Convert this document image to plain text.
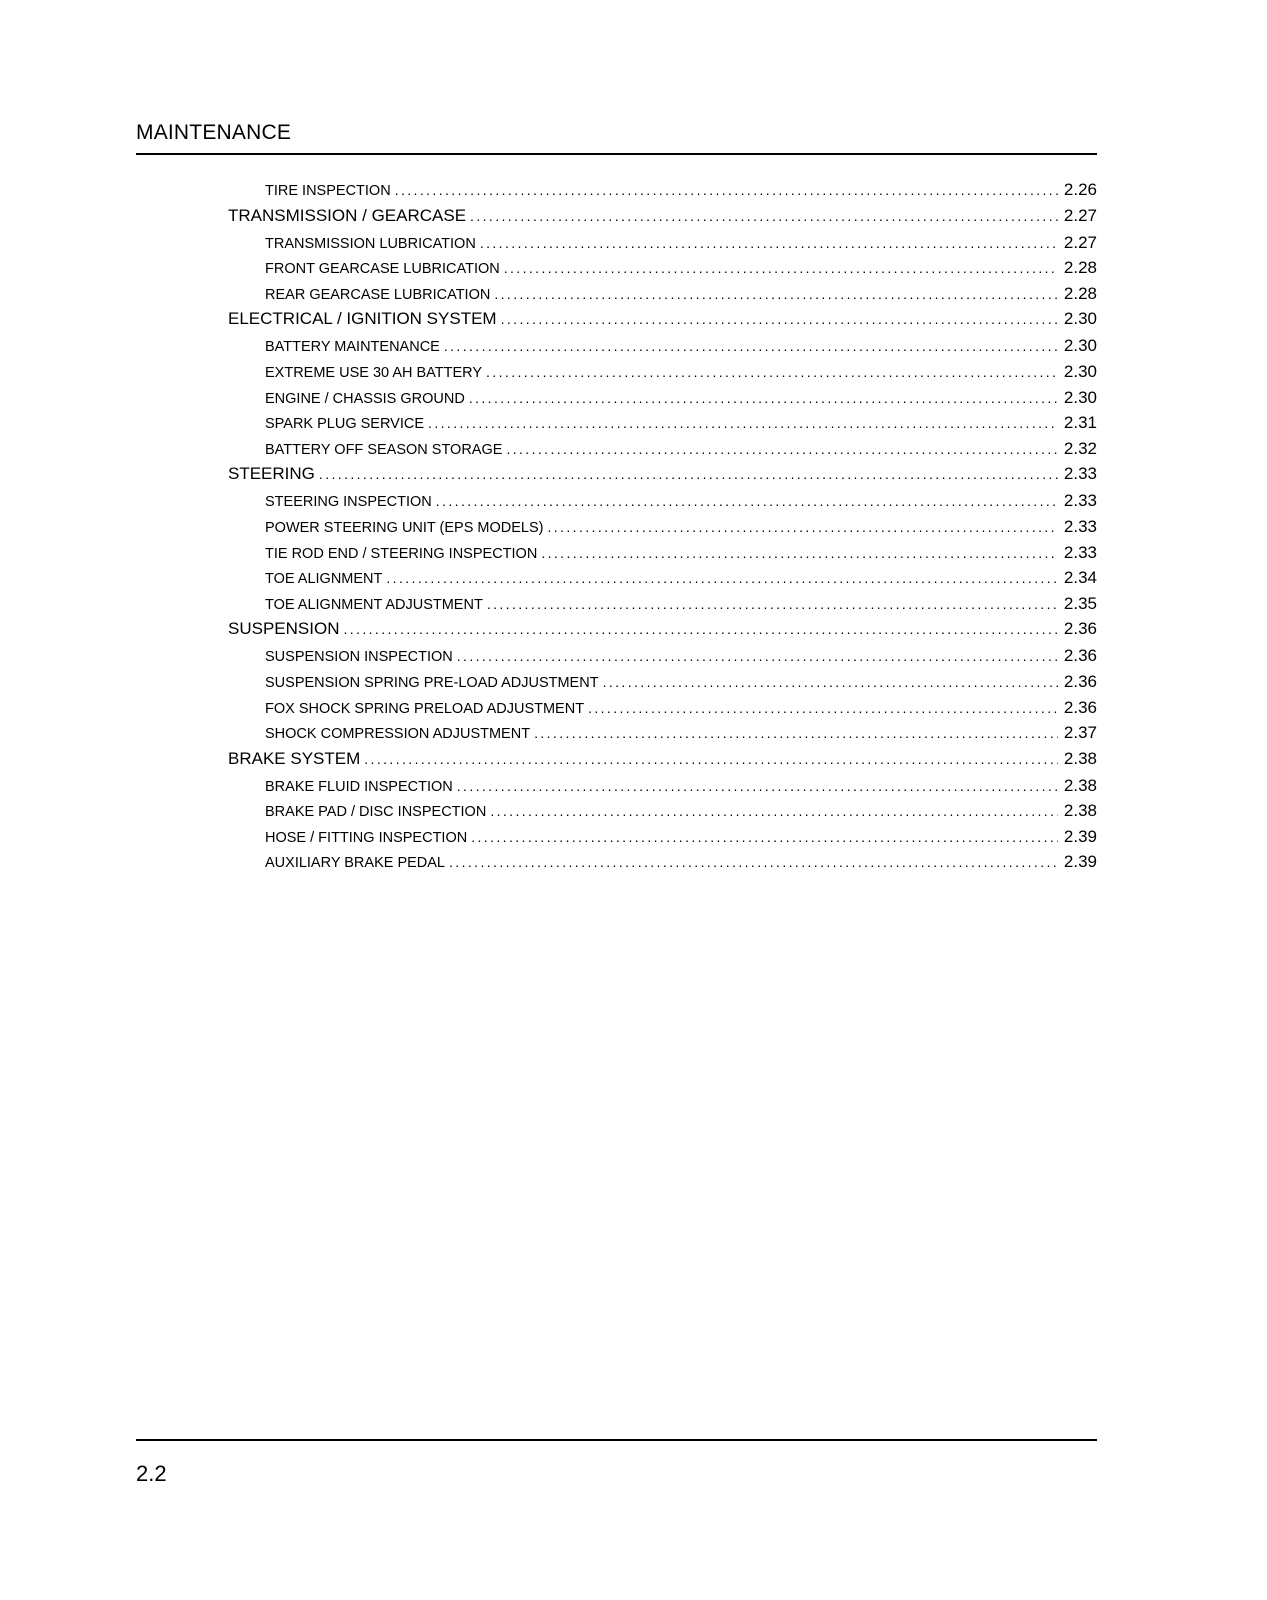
MAINTENANCE
TIRE INSPECTION .....	2.26
TRANSMISSION / GEARCASE .....	2.27
TRANSMISSION LUBRICATION .....	2.27
FRONT GEARCASE LUBRICATION .....	2.28
REAR GEARCASE LUBRICATION .....	2.28
ELECTRICAL / IGNITION SYSTEM .....	2.30
BATTERY MAINTENANCE .....	2.30
EXTREME USE 30 AH BATTERY .....	2.30
ENGINE / CHASSIS GROUND .....	2.30
SPARK PLUG SERVICE .....	2.31
BATTERY OFF SEASON STORAGE .....	2.32
STEERING .....	2.33
STEERING INSPECTION .....	2.33
POWER STEERING UNIT (EPS MODELS) .....	2.33
TIE ROD END / STEERING INSPECTION .....	2.33
TOE ALIGNMENT .....	2.34
TOE ALIGNMENT ADJUSTMENT .....	2.35
SUSPENSION .....	2.36
SUSPENSION INSPECTION .....	2.36
SUSPENSION SPRING PRE-LOAD ADJUSTMENT .....	2.36
FOX SHOCK SPRING PRELOAD ADJUSTMENT .....	2.36
SHOCK COMPRESSION ADJUSTMENT .....	2.37
BRAKE SYSTEM .....	2.38
BRAKE FLUID INSPECTION .....	2.38
BRAKE PAD / DISC INSPECTION .....	2.38
HOSE / FITTING INSPECTION .....	2.39
AUXILIARY BRAKE PEDAL .....	2.39
2.2
